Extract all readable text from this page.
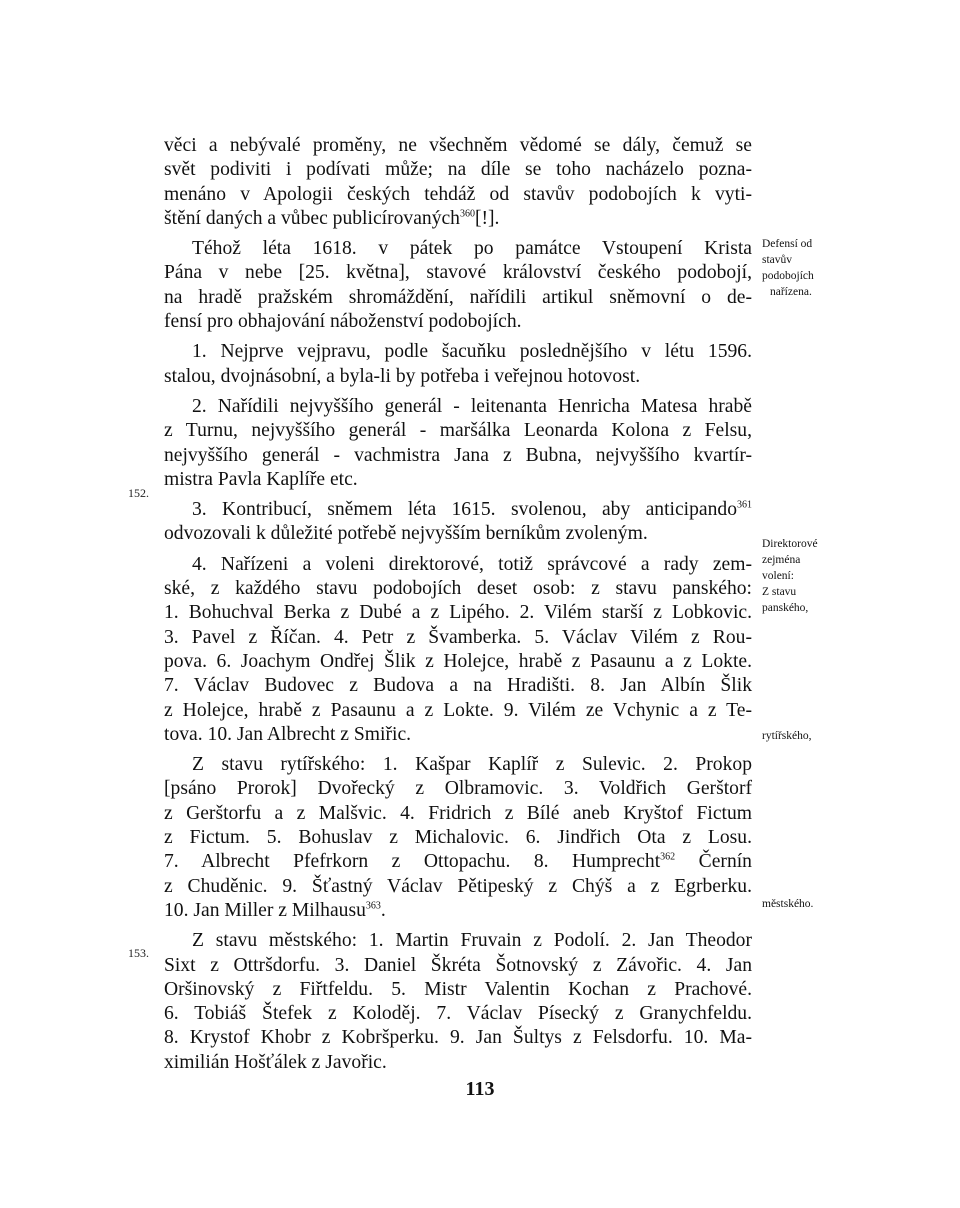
věci a nebývalé proměny, ne všechněm vědomé se dály, čemuž se
svět podiviti i podívati může; na díle se toho nacházelo pozna-
menáno v Apologii českých tehdáž od stavův podobojích k vyti-
štění daných a vůbec publicírovaných$^{360}$[!].

Téhož léta 1618. v pátek po památce Vstoupení Krista
Pána v nebe [25. května], stavové království českého podobojí,
na hradě pražském shromáždění, nařídili artikul sněmovní o de-
fensí pro obhajování náboženství podobojích.

1. Nejprve vejpravu, podle šacuňku poslednějšího v létu 1596.
stalou, dvojnásobní, a byla-li by potřeba i veřejnou hotovost.

2. Nařídili nejvyššího generál - leitenanta Henricha Matesa hrabě
z Turnu, nejvyššího generál - maršálka Leonarda Kolona z Felsu,
nejvyššího generál - vachmistra Jana z Bubna, nejvyššího kvartír-
mistra Pavla Kaplíře etc.

3. Kontribucí, sněmem léta 1615. svolenou, aby anticipando$^{361}$
odvozovali k důležité potřebě nejvyšším berníkům zvoleným.

4. Nařízeni a voleni direktorové, totiž správcové a rady zem-
ské, z každého stavu podobojích deset osob: z stavu panského:
1. Bohuchval Berka z Dubé a z Lipého. 2. Vilém starší z Lobkovic.
3. Pavel z Říčan. 4. Petr z Švamberka. 5. Václav Vilém z Rou-
pova. 6. Joachym Ondřej Šlik z Holejce, hrabě z Pasaunu a z Lokte.
7. Václav Budovec z Budova a na Hradišti. 8. Jan Albín Šlik
z Holejce, hrabě z Pasaunu a z Lokte. 9. Vilém ze Vchynic a z Te-
tova. 10. Jan Albrecht z Smiřic.

Z stavu rytířského: 1. Kašpar Kaplíř z Sulevic. 2. Prokop
[psáno Prorok] Dvořecký z Olbramovic. 3. Voldřich Gerštorf
z Gerštorfu a z Malšvic. 4. Fridrich z Bílé aneb Kryštof Fictum
z Fictum. 5. Bohuslav z Michalovic. 6. Jindřich Ota z Losu.
7. Albrecht Pfefrkorn z Ottopachu. 8. Humprecht$^{362}$ Černín
z Chuděnic. 9. Šťastný Václav Pětipeský z Chýš a z Egrberku.
10. Jan Miller z Milhausu$^{363}$.

Z stavu městského: 1. Martin Fruvain z Podolí. 2. Jan Theodor
Sixt z Ottršdorfu. 3. Daniel Škréta Šotnovský z Závořic. 4. Jan
Oršinovský z Fiřtfeldu. 5. Mistr Valentin Kochan z Prachové.
6. Tobiáš Štefek z Koloděj. 7. Václav Písecký z Granychfeldu.
8. Krystof Khobr z Kobršperku. 9. Jan Šultys z Felsdorfu. 10. Ma-
ximilián Hošťálek z Javořic.

Defensí od
stavův
podobojích
nařízena.
Direktorové
zejména
volení:
Z stavu
panského,
rytířského,
městského.
152.
153.
113
